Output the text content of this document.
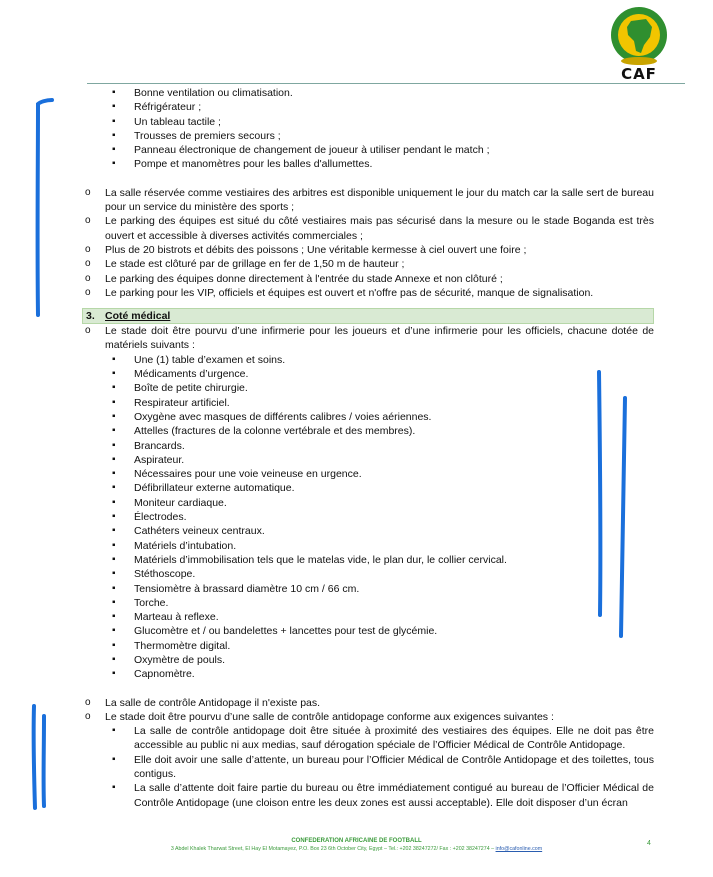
CAF
▪ Bonne ventilation ou climatisation.
▪ Réfrigérateur ;
▪ Un tableau tactile ;
▪ Trousses de premiers secours ;
▪ Panneau électronique de changement de joueur à utiliser pendant le match ;
▪ Pompe et manomètres pour les balles d'allumettes.
o La salle réservée comme vestiaires des arbitres est disponible uniquement le jour du match car la salle sert de bureau pour un service du ministère des sports ;
o Le parking des équipes est situé du côté vestiaires mais pas sécurisé dans la mesure ou le stade Boganda est très ouvert et accessible à diverses activités commerciales ;
o Plus de 20 bistrots et débits des poissons ; Une véritable kermesse à ciel ouvert une foire ;
o Le stade est clôturé par de grillage en fer de 1,50 m de hauteur ;
o Le parking des équipes donne directement à l'entrée du stade Annexe et non clôturé ;
o Le parking pour les VIP, officiels et équipes est ouvert et n'offre pas de sécurité, manque de signalisation.
3. Coté médical
o Le stade doit être pourvu d’une infirmerie pour les joueurs et d’une infirmerie pour les officiels, chacune dotée de matériels suivants :
▪ Une (1) table d’examen et soins.
▪ Médicaments d’urgence.
▪ Boîte de petite chirurgie.
▪ Respirateur artificiel.
▪ Oxygène avec masques de différents calibres / voies aériennes.
▪ Attelles (fractures de la colonne vertébrale et des membres).
▪ Brancards.
▪ Aspirateur.
▪ Nécessaires pour une voie veineuse en urgence.
▪ Défibrillateur externe automatique.
▪ Moniteur cardiaque.
▪ Électrodes.
▪ Cathéters veineux centraux.
▪ Matériels d’intubation.
▪ Matériels d’immobilisation tels que le matelas vide, le plan dur, le collier cervical.
▪ Stéthoscope.
▪ Tensiomètre à brassard diamètre 10 cm / 66 cm.
▪ Torche.
▪ Marteau à reflexe.
▪ Glucomètre et / ou bandelettes + lancettes pour test de glycémie.
▪ Thermomètre digital.
▪ Oxymètre de pouls.
▪ Capnomètre.
o La salle de contrôle Antidopage il n'existe pas.
o Le stade doit être pourvu d’une salle de contrôle antidopage conforme aux exigences suivantes :
▪ La salle de contrôle antidopage doit être située à proximité des vestiaires des équipes. Elle ne doit pas être accessible au public ni aux medias, sauf dérogation spéciale de l’Officier Médical de Contrôle Antidopage.
▪ Elle doit avoir une salle d’attente, un bureau pour l’Officier Médical de Contrôle Antidopage et des toilettes, tous contigus.
▪ La salle d’attente doit faire partie du bureau ou être immédiatement contigué au bureau de l’Officier Médical de Contrôle Antidopage (une cloison entre les deux zones est aussi acceptable). Elle doit disposer d’un écran
CONFEDERATION AFRICAINE DE FOOTBALL
3 Abdel Khalek Tharwat Street, El Hay El Motamayez, P.O. Box 23 6th October City, Egypt – Tel.: +202 38247272/ Fax : +202 38247274 – info@cafonline.com
4
